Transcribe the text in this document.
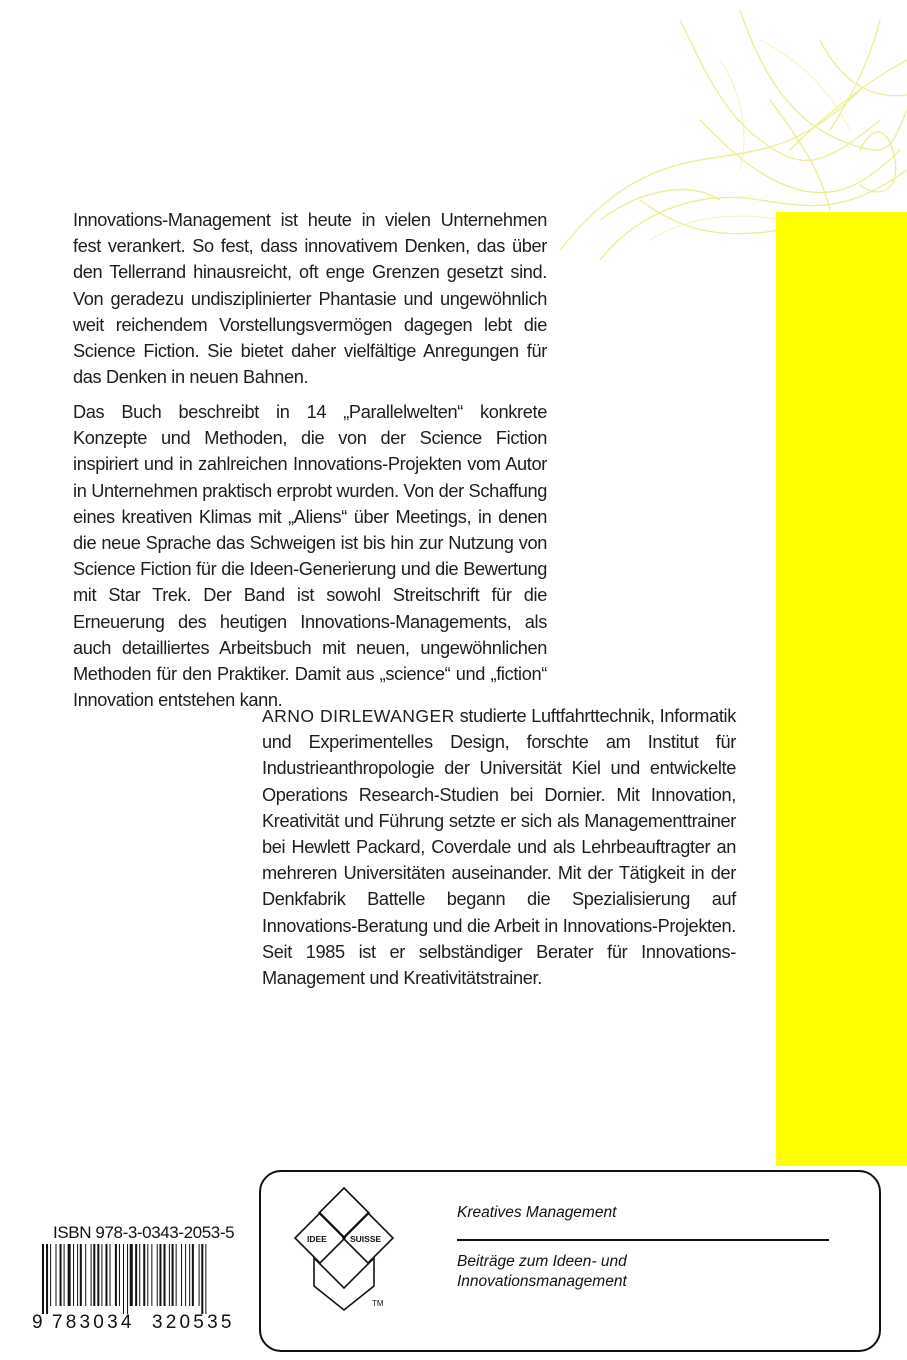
Innovations-Management ist heute in vielen Unternehmen fest verankert. So fest, dass innovativem Denken, das über den Tellerrand hinausreicht, oft enge Grenzen gesetzt sind. Von geradezu undisziplinierter Phantasie und ungewöhnlich weit reichendem Vorstellungsvermögen dagegen lebt die Science Fiction. Sie bietet daher vielfältige Anregungen für das Denken in neuen Bahnen.

Das Buch beschreibt in 14 „Parallelwelten“ konkrete Konzepte und Methoden, die von der Science Fiction inspiriert und in zahlreichen Innovations-Projekten vom Autor in Unternehmen praktisch erprobt wurden. Von der Schaffung eines kreativen Klimas mit „Aliens“ über Meetings, in denen die neue Sprache das Schweigen ist bis hin zur Nutzung von Science Fiction für die Ideen-Generierung und die Bewertung mit Star Trek. Der Band ist sowohl Streitschrift für die Erneuerung des heutigen Innovations-Managements, als auch detailliertes Arbeitsbuch mit neuen, ungewöhnlichen Methoden für den Praktiker. Damit aus „science“ und „fiction“ Innovation entstehen kann.

ARNO DIRLEWANGER studierte Luftfahrttechnik, Informatik und Experimentelles Design, forschte am Institut für Industrieanthropologie der Universität Kiel und entwickelte Operations Research-Studien bei Dornier. Mit Innovation, Kreativität und Führung setzte er sich als Managementtrainer bei Hewlett Packard, Coverdale und als Lehrbeauftragter an mehreren Universitäten auseinander. Mit der Tätigkeit in der Denkfabrik Battelle begann die Spezialisierung auf Innovations-Beratung und die Arbeit in Innovations-Projekten. Seit 1985 ist er selbständiger Berater für Innovations-Management und Kreativitätstrainer.

ISBN 978-3-0343-2053-5
9 783034 320535
IDEE	SUISSE
TM
Kreatives Management
Beiträge zum Ideen- und Innovationsmanagement
